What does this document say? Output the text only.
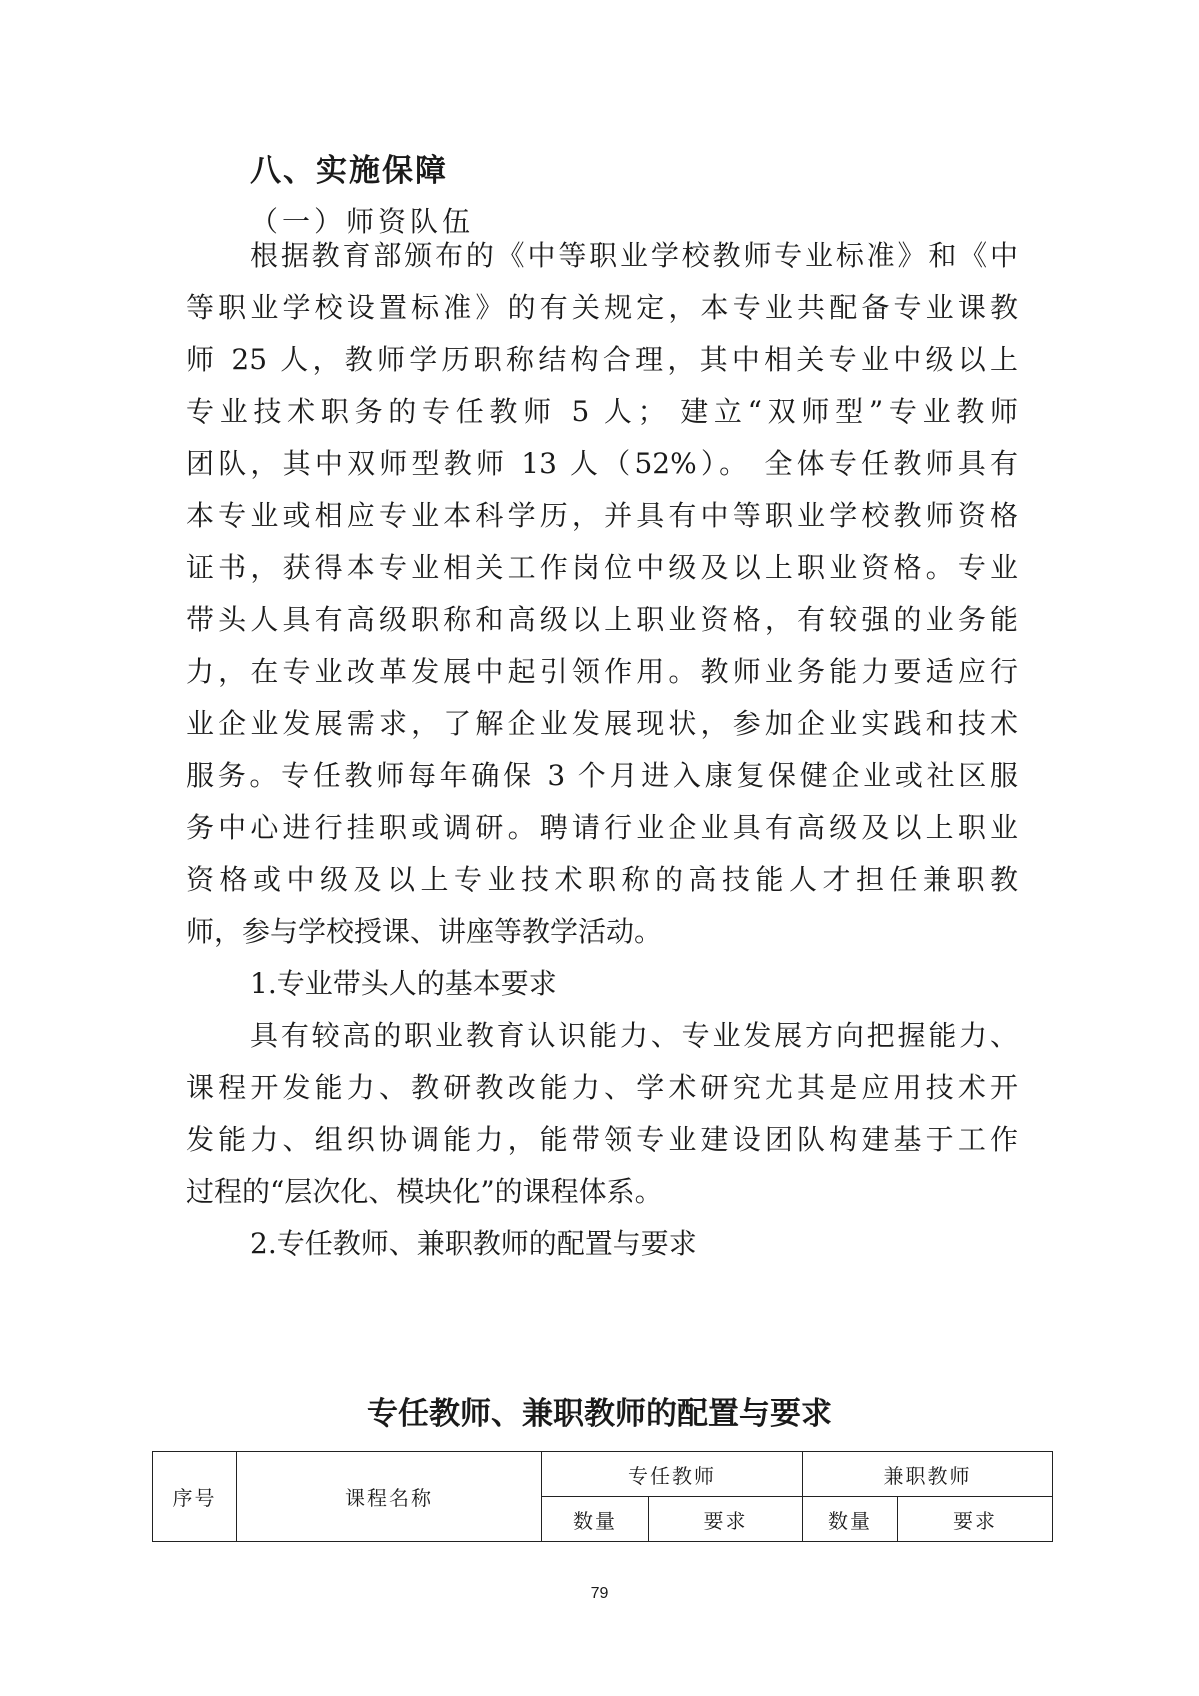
八、实施保障
（一）师资队伍
根据教育部颁布的《中等职业学校教师专业标准》和《中
等职业学校设置标准》的有关规定，本专业共配备专业课教
师 25 人，教师学历职称结构合理，其中相关专业中级以上
专业技术职务的专任教师 5 人； 建立“双师型”专业教师
团队，其中双师型教师 13 人（52%）。 全体专任教师具有
本专业或相应专业本科学历，并具有中等职业学校教师资格
证书，获得本专业相关工作岗位中级及以上职业资格。专业
带头人具有高级职称和高级以上职业资格，有较强的业务能
力，在专业改革发展中起引领作用。教师业务能力要适应行
业企业发展需求，了解企业发展现状，参加企业实践和技术
服务。专任教师每年确保 3 个月进入康复保健企业或社区服
务中心进行挂职或调研。聘请行业企业具有高级及以上职业
资格或中级及以上专业技术职称的高技能人才担任兼职教
师，参与学校授课、讲座等教学活动。
1.专业带头人的基本要求
具有较高的职业教育认识能力、专业发展方向把握能力、
课程开发能力、教研教改能力、学术研究尤其是应用技术开
发能力、组织协调能力，能带领专业建设团队构建基于工作
过程的“层次化、模块化”的课程体系。
2.专任教师、兼职教师的配置与要求
专任教师、兼职教师的配置与要求
序号	课程名称	专任教师		兼职教师	
		数量	要求	数量	要求
79
